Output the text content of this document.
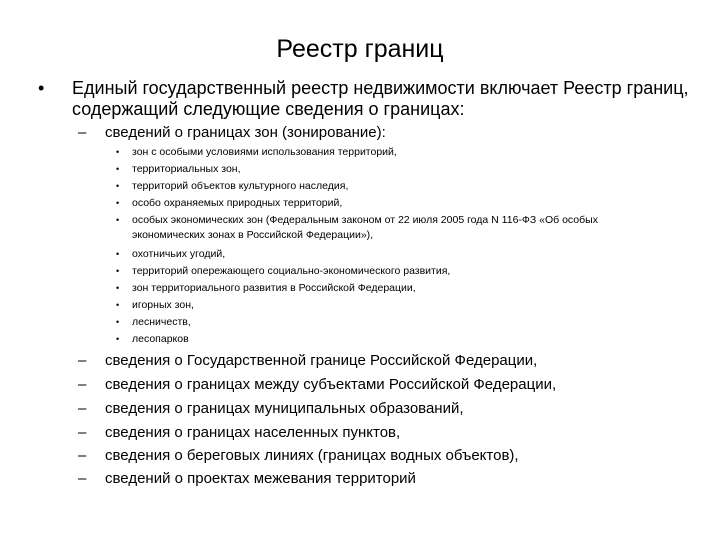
Реестр границ
• Единый государственный реестр недвижимости включает Реестр границ, содержащий следующие сведения о границах:
– сведений о границах зон (зонирование):
• зон с особыми условиями использования территорий,
• территориальных зон,
• территорий объектов культурного наследия,
• особо охраняемых природных территорий,
• особых экономических зон (Федеральным законом от 22 июля 2005 года N 116-ФЗ «Об особых экономических зонах в Российской Федерации»),
• охотничьих угодий,
• территорий опережающего социально-экономического развития,
• зон территориального развития в Российской Федерации,
• игорных зон,
• лесничеств,
• лесопарков
– сведения о Государственной границе Российской Федерации,
– сведения о границах между субъектами Российской Федерации,
– сведения о границах муниципальных образований,
– сведения о границах населенных пунктов,
– сведения о береговых линиях (границах водных объектов),
– сведений о проектах межевания территорий
